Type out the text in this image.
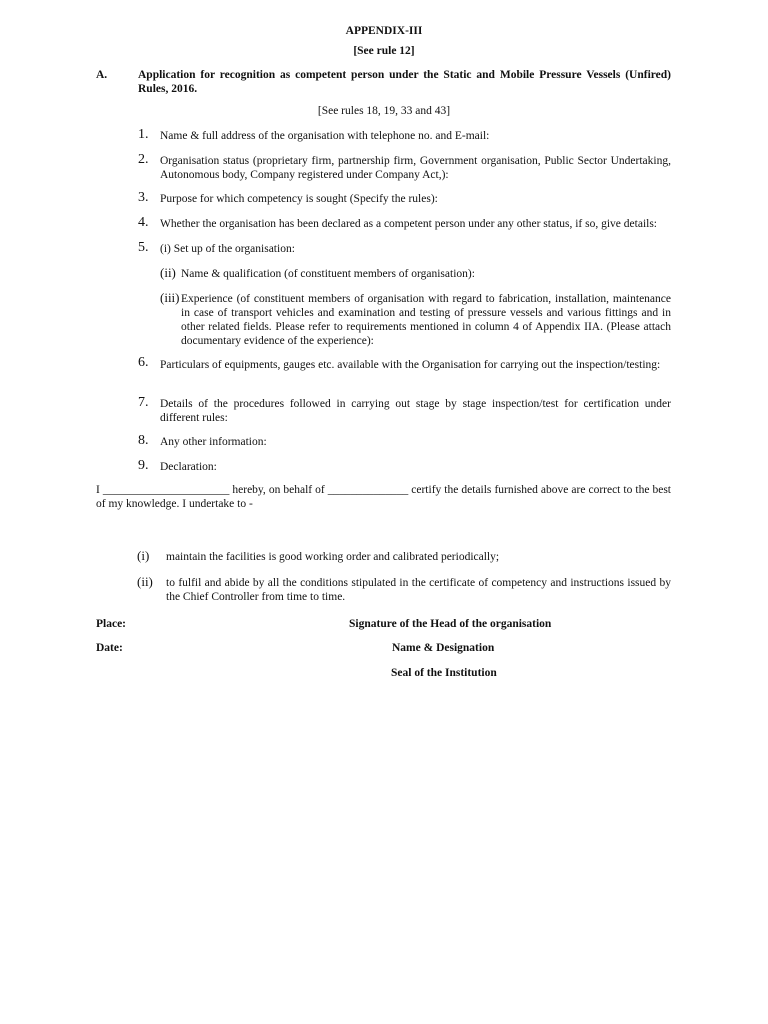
APPENDIX-III
[See rule 12]
A.	Application for recognition as competent person under the Static and Mobile Pressure Vessels (Unfired) Rules, 2016.
[See rules 18, 19, 33 and 43]
1. Name & full address of the organisation with telephone no. and E-mail:
2. Organisation status (proprietary firm, partnership firm, Government organisation, Public Sector Undertaking, Autonomous body, Company registered under Company Act,):
3. Purpose for which competency is sought (Specify the rules):
4. Whether the organisation has been declared as a competent person under any other status, if so, give details:
5. (i) Set up of the organisation:
(ii) Name & qualification (of constituent members of organisation):
(iii) Experience (of constituent members of organisation with regard to fabrication, installation, maintenance in case of transport vehicles and examination and testing of pressure vessels and various fittings and in other related fields. Please refer to requirements mentioned in column 4 of Appendix IIA. (Please attach documentary evidence of the experience):
6. Particulars of equipments, gauges etc. available with the Organisation for carrying out the inspection/testing:
7. Details of the procedures followed in carrying out stage by stage inspection/test for certification under different rules:
8. Any other information:
9. Declaration:
I ______________________ hereby, on behalf of ______________ certify the details furnished above are correct to the best of my knowledge. I undertake to -
(i) maintain the facilities is good working order and calibrated periodically;
(ii) to fulfil and abide by all the conditions stipulated in the certificate of competency and instructions issued by the Chief Controller from time to time.
Place:	Signature of the Head of the organisation
Date:	Name & Designation
Seal of the Institution
